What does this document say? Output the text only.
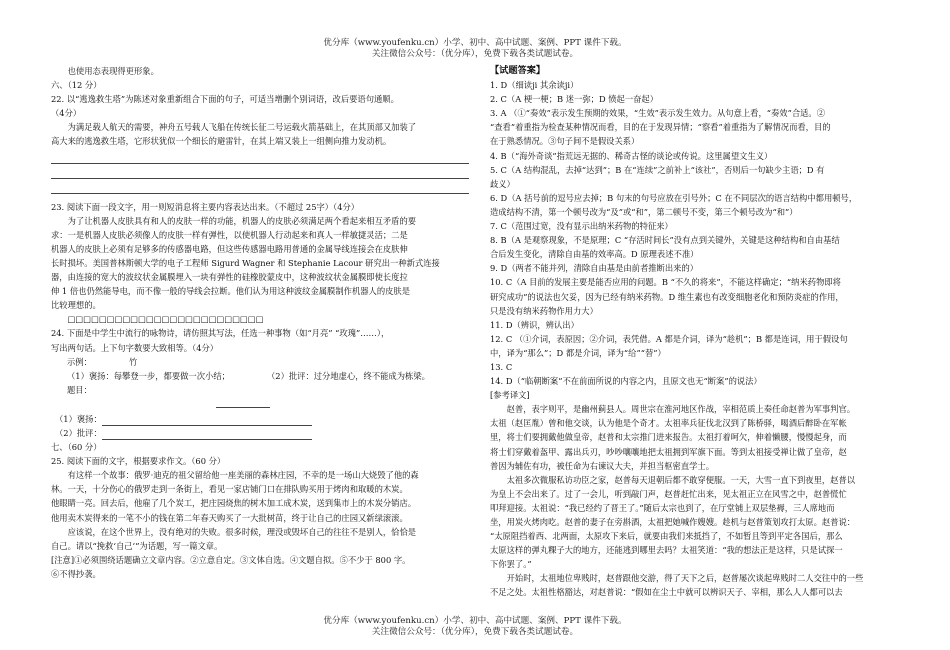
优分库（www.youfenku.cn）小学、初中、高中试题、案例、PPT 课件下载。
关注微信公众号：（优分库），免费下载各类试题试卷。

也使用态表现得更形象。

六、（12 分）

22. 以“逃逸救生塔”为陈述对象重新组合下面的句子，可适当增删个别词语，改后要语句通顺。

（4分）

为满足载人航天的需要，神舟五号载人飞船在传统长征二号运载火箭基础上，在其顶部又加装了

高大来的逃逸救生塔，它形状犹似一个细长的避雷针，在其上端又装上一组侧向推力发动机。

23. 阅读下面一段文字，用一则短消息将主要内容表达出来。（不超过 25字）（4分）

为了让机器人皮肤具有和人的皮肤一样的功能，机器人的皮肤必须满足两个看起来相互矛盾的要

求：一是机器人皮肤必须像人的皮肤一样有弹性，以使机器人行动起来和真人一样敏捷灵活；二是

机器人的皮肤上必须有足够多的传感器电路，但这些传感器电路用普通的金属导线连接会在皮肤伸

长时损坏。美国普林斯顿大学的电子工程师 Sigurd Wagner 和 Stephanie Lacour 研究出一种新式连接

器，由连接的宽大的波纹状金属膜埋入一块有弹性的硅橡胶蒙皮中，这种波纹状金属膜即使长度拉

伸 1 倍也仍然能导电，而不像一般的导线会拉断。他们认为用这种波纹金属膜制作机器人的皮肤是

比较理想的。

□□□□□□□□□□□□□□□□□□□□□□□□□

24. 下面是中学生中流行的咏物诗，请仿照其写法，任选一种事物（如“月亮” “玫瑰”……），

写出两句话。上下句字数要大致相等。（4分）

示例：	竹
（1）褒扬：每攀登一步，都要做一次小结；	（2）批评：过分地虚心，终不能成为栋梁。

题目：

（1）褒扬：

（2）批评：

七、（60 分）

25. 阅读下面的文字，根据要求作文。（60 分）

有这样一个故事：俄罗·迪克的祖父留给他一座美丽的森林庄园，不幸的是一场山大烧毁了他的森

林。一天，十分伤心的俄罗走到一条街上，看见一家店铺门口在排队购买用于烤肉和取暖的木炭。

他眼睛一亮。回去后，他雇了几个炭工，把庄园烧焦的树木加工成木炭，送到集市上的木炭分销店。

他用卖木炭得来的一笔不小的钱在第二年春天购买了一大批树苗，终于让自己的庄园又新绿滚滚。

应该说，在这个世界上，没有绝对的失败。很多时候，理没或毁坏自己的往往不是别人，恰恰是

自己。请以“挽救‘自己’”为话题，写一篇文章。

[注意]①必须围绕话题确立文章内容。②立意自定。③文体自选。④文题自拟。⑤不少于 800 字。

⑥不得抄袭。

【试题答案】

1. D（细读ji 其余读ji）

2. C（A 梗一梗；B 迷一弥；D 愤起一奋起）

3. A （①“奏效”表示发生预期的效果，“生效”表示发生效力。从句意上看，“奏效”合适。②

“查看”着重指为检查某种情况而看，目的在于发现异情；“察看”着重指为了解情况而看，目的

在于熟悉情况。③句子间不是假设关系）

4. B（“海外奇谈”指荒远无据的、稀奇古怪的谈论或传说。这里属望文生义）

5. C（A 结构混乱，去掉“达到”；B 在“连续”之前补上“该社”，否则后一句缺少主语；D 有

歧义）

6. D（A 括号前的逗号应去掉；B 句末的句号应放在引号外；C 在不同层次的语言结构中都用顿号，

造成结构不清，第一个顿号改为“及”或“和”，第二顿号不变，第三个顿号改为“和”）

7. C（范围过宽，没有显示出纳米药物的特征来）

8. B（A 是观察现象，不是原理；C “存活时间长”没有点到关键外，关键是这种结构和自由基结

合后发生变化，清除自由基的效率高。D 原理表述不准）

9. D（两者不能并列，清除自由基是由前者推断出来的）

10. C（A 目前的发展主要是能否应用的问题。B “不久的将来”，不能这样确定；“纳米药物即将

研究成功”的说法也欠妥，因为已经有纳米药物。D 维生素也有改变细胞老化和预防炎症的作用，

只是没有纳米药物作用力大）

11. D（辨识，辨认出）

12. C （①介词，表原因；②介词，表凭借。A 都是介词，译为“趁机”；B 都是连词，用于假设句

中，译为“那么”；D 都是介词，译为“给”“替”）

13. C

14. D（“临朝断案”不在前面所说的内容之内，且原文也无“断案”的说法）

[参考译文]

赵普，表字则平，是幽州蓟县人。周世宗在淮河地区作战，宰相范质上奏任命赵普为军事判官。

太祖（赵匡胤）曾和他交谈，认为他是个奇才。太祖率兵征伐北汉到了陈桥驿，喝酒后醉卧在军帐

里，将士们要拥戴他做皇帝，赵普和太宗推门进来报告。太祖打着呵欠，伸着懒腰，慢慢起身，而

将士们穿戴着盔甲、露出兵刃，吵吵嚷嚷地把太祖拥到军旗下面。等到太祖接受禅让做了皇帝，赵

普因为辅佐有功，被任命为右谏议大夫，并担当枢密直学士。

太祖多次微服私访功臣之家，赵普每天退朝后都不敢穿便服。一天，大雪一直下到夜里，赵普以

为皇上不会出来了。过了一会儿，听到敲门声，赵普赶忙出来，见太祖正立在风雪之中，赵普慌忙

叩拜迎接。太祖说：“我已经约了晋王了。”随后太宗也到了，在厅堂铺上双层垫褥，三人席地而

坐，用炭火烤肉吃。赵普的妻子在旁斟酒，太祖把她喊作嫂嫂。趁机与赵普策划攻打太原。赵普说：

“太原阻挡着西、北两面，太原攻下来后，就要由我们来抵挡了，不如暂且等到平定各国后，那么

太原这样的弹丸粿子大的地方，还能逃到哪里去吗？太祖笑道：“我的想法正是这样，只是试探一

下你罢了。”

开始时，太祖地位卑贱时，赵普跟他交游，得了天下之后，赵普屡次谈起卑贱时二人交往中的一些

不足之处。太祖性格豁达，对赵普说：“假如在尘土中就可以辨识天子、宰相，那么人人都可以去

优分库（www.youfenku.cn）小学、初中、高中试题、案例、PPT 课件下载。
关注微信公众号：（优分库），免费下载各类试题试卷。
